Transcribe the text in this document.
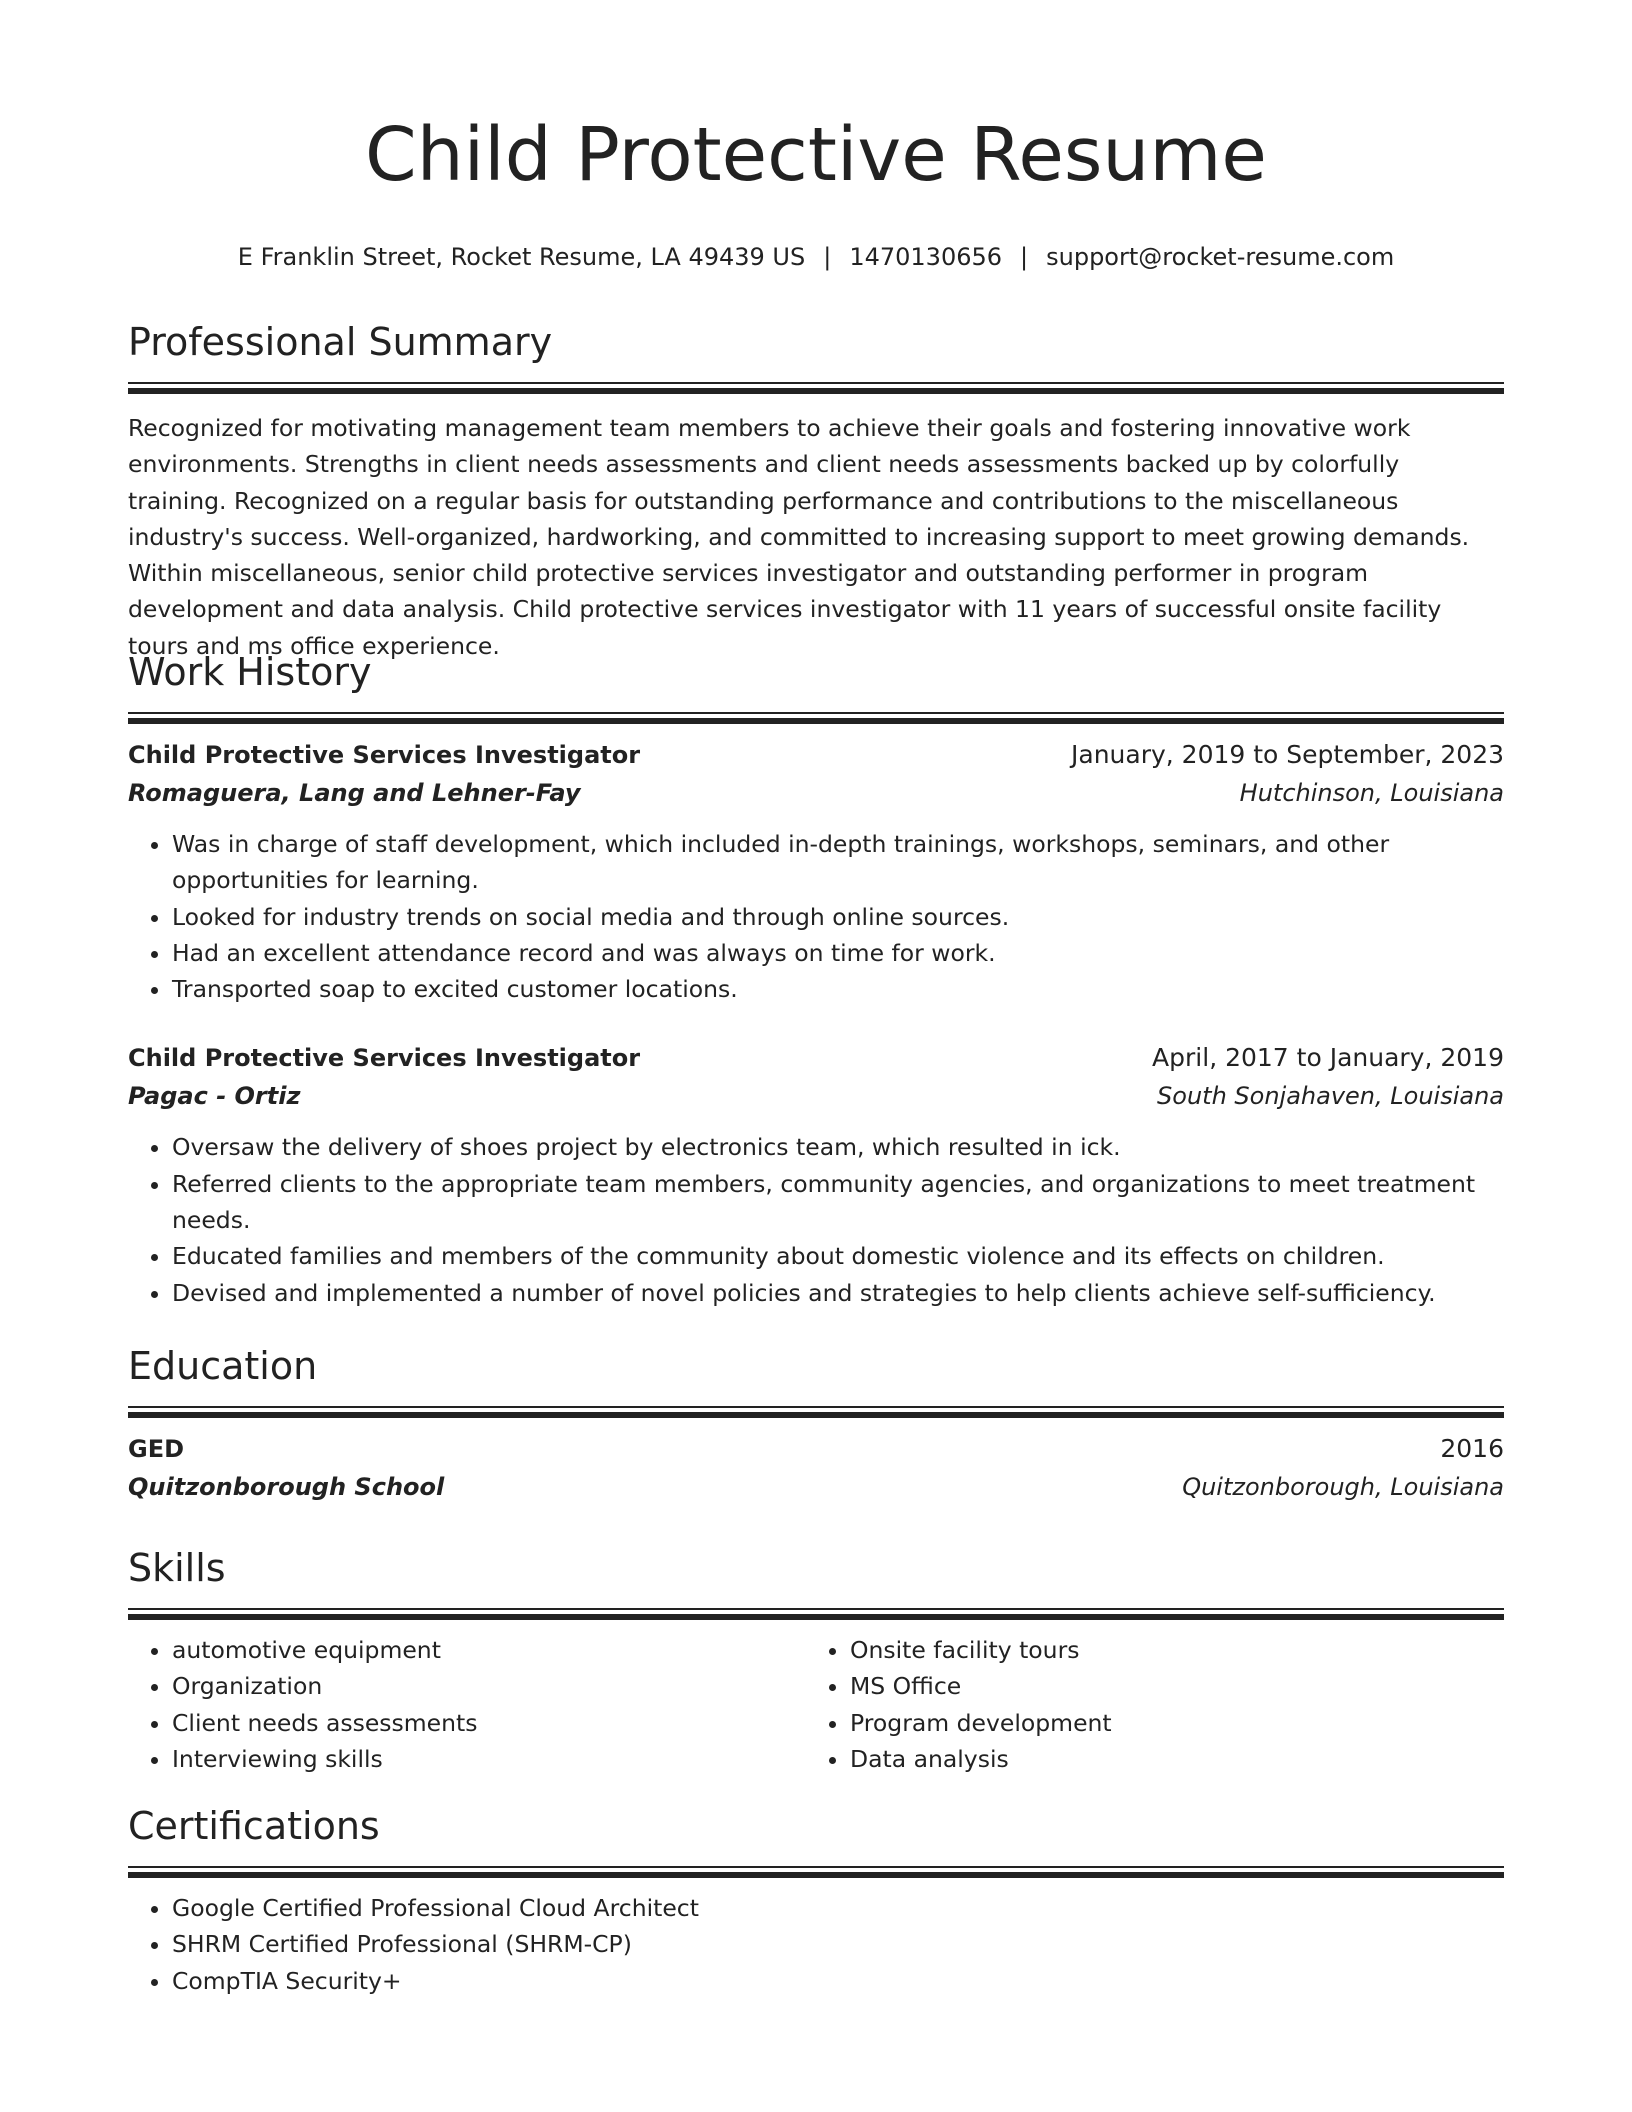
Child Protective Resume
E Franklin Street, Rocket Resume, LA 49439 US | 1470130656 | support@rocket-resume.com
Professional Summary
Recognized for motivating management team members to achieve their goals and fostering innovative work environments. Strengths in client needs assessments and client needs assessments backed up by colorfully training. Recognized on a regular basis for outstanding performance and contributions to the miscellaneous industry's success. Well-organized, hardworking, and committed to increasing support to meet growing demands. Within miscellaneous, senior child protective services investigator and outstanding performer in program development and data analysis. Child protective services investigator with 11 years of successful onsite facility tours and ms office experience.
Work History
Child Protective Services Investigator	January, 2019 to September, 2023
Romaguera, Lang and Lehner-Fay	Hutchinson, Louisiana
• Was in charge of staff development, which included in-depth trainings, workshops, seminars, and other opportunities for learning.
• Looked for industry trends on social media and through online sources.
• Had an excellent attendance record and was always on time for work.
• Transported soap to excited customer locations.
Child Protective Services Investigator	April, 2017 to January, 2019
Pagac - Ortiz	South Sonjahaven, Louisiana
• Oversaw the delivery of shoes project by electronics team, which resulted in ick.
• Referred clients to the appropriate team members, community agencies, and organizations to meet treatment needs.
• Educated families and members of the community about domestic violence and its effects on children.
• Devised and implemented a number of novel policies and strategies to help clients achieve self-sufficiency.
Education
GED	2016
Quitzonborough School	Quitzonborough, Louisiana
Skills
• automotive equipment
• Organization
• Client needs assessments
• Interviewing skills
• Onsite facility tours
• MS Office
• Program development
• Data analysis
Certifications
• Google Certified Professional Cloud Architect
• SHRM Certified Professional (SHRM-CP)
• CompTIA Security+
